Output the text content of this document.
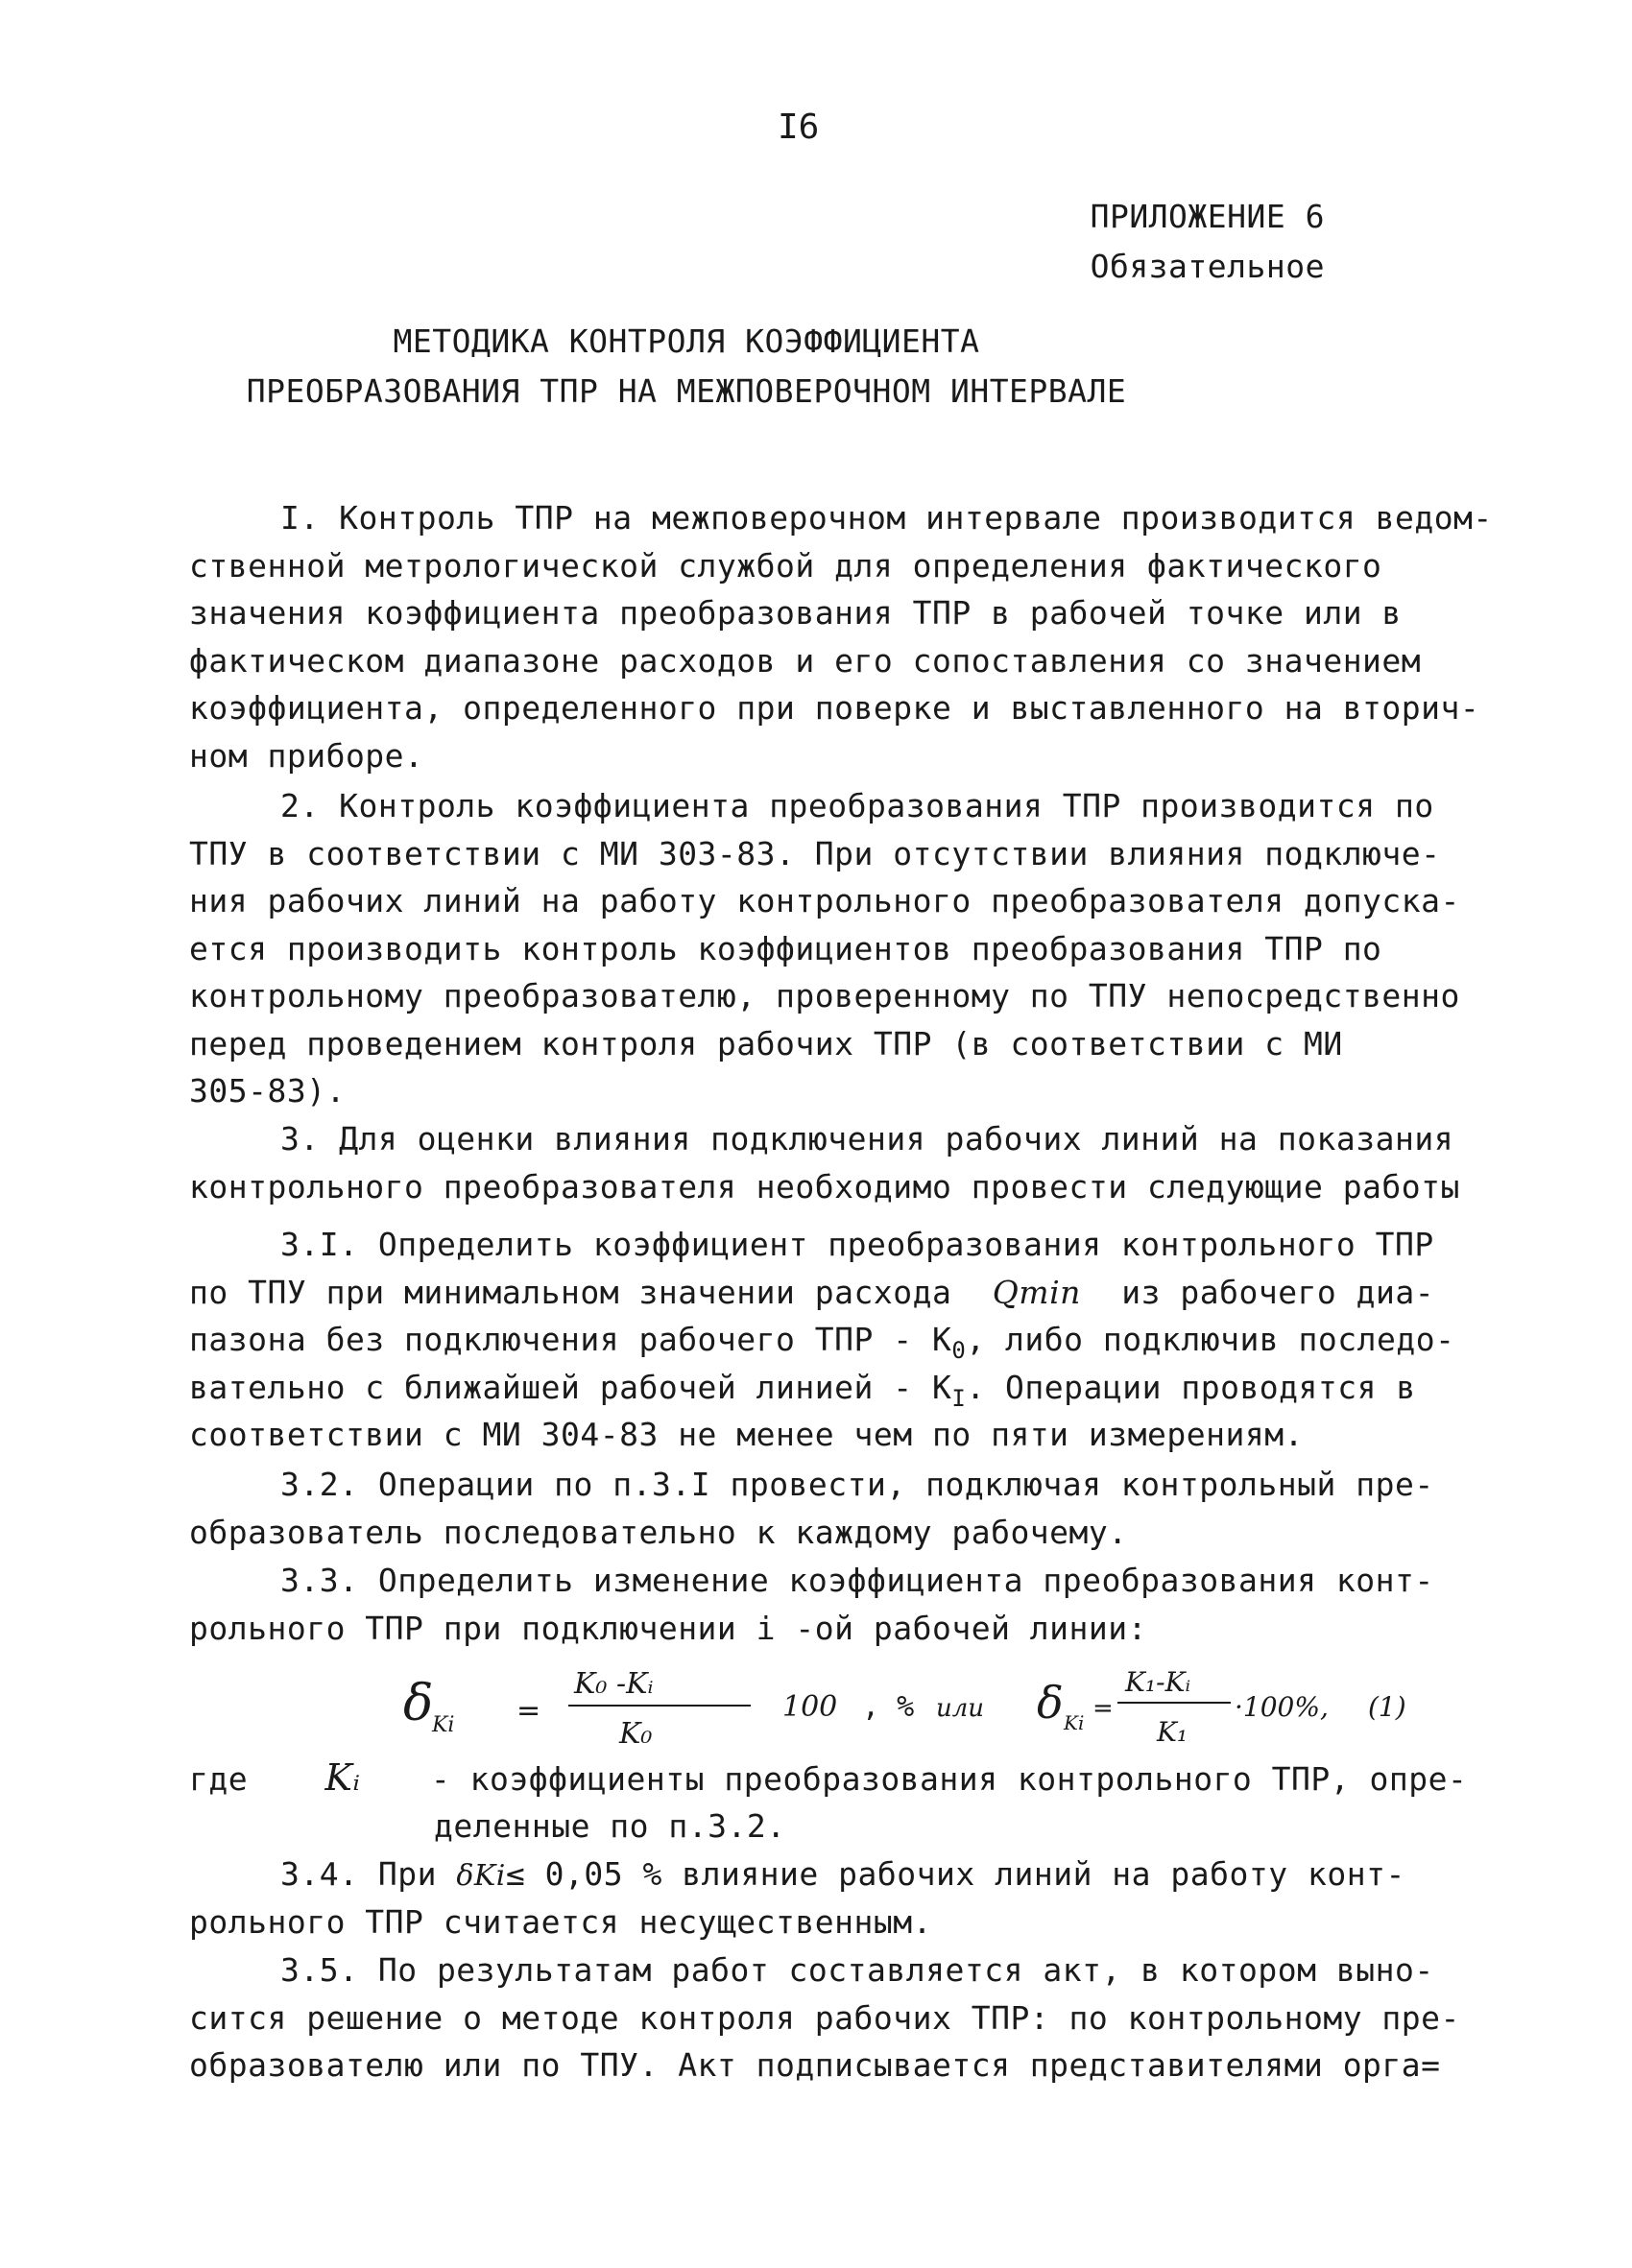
I6
ПРИЛОЖЕНИЕ 6
Обязательное
МЕТОДИКА КОНТРОЛЯ КОЭФФИЦИЕНТА
ПРЕОБРАЗОВАНИЯ ТПР НА МЕЖПОВЕРОЧНОМ ИНТЕРВАЛЕ
I. Контроль ТПР на межповерочном интервале производится ведом-
ственной метрологической службой для определения фактического
значения коэффициента преобразования ТПР в рабочей точке или в
фактическом диапазоне расходов и его сопоставления со значением
коэффициента, определенного при поверке и выставленного на вторич-
ном приборе.
2. Контроль коэффициента преобразования ТПР производится по
ТПУ в соответствии с МИ 303-83. При отсутствии влияния подключе-
ния рабочих линий на работу контрольного преобразователя допуска-
ется производить контроль коэффициентов преобразования ТПР по
контрольному преобразователю, проверенному по ТПУ непосредственно
перед проведением контроля рабочих ТПР (в соответствии с МИ
305-83).
3. Для оценки влияния подключения рабочих линий на показания
контрольного преобразователя необходимо провести следующие работы
3.I. Определить коэффициент преобразования контрольного ТПР
по ТПУ при минимальном значении расхода Qmin из рабочего диа-
пазона без подключения рабочего ТПР - $К_0$, либо подключив последо-
вательно с ближайшей рабочей линией - $К_I$. Операции проводятся в
соответствии с МИ 304-83 не менее чем по пяти измерениям.
3.2. Операции по п.3.I провести, подключая контрольный пре-
образователь последовательно к каждому рабочему.
3.3. Определить изменение коэффициента преобразования конт-
рольного ТПР при подключении i -ой рабочей линии:
δ
Ki =
K₀ -Kᵢ
K₀
100 , % или δ Ki =
K₁-Kᵢ
K₁
·100%, (1)
где Kᵢ - коэффициенты преобразования контрольного ТПР, опре-
деленные по п.3.2.
3.4. При δKi≤ 0,05 % влияние рабочих линий на работу конт-
рольного ТПР считается несущественным.
3.5. По результатам работ составляется акт, в котором выно-
сится решение о методе контроля рабочих ТПР: по контрольному пре-
образователю или по ТПУ. Акт подписывается представителями орга=
